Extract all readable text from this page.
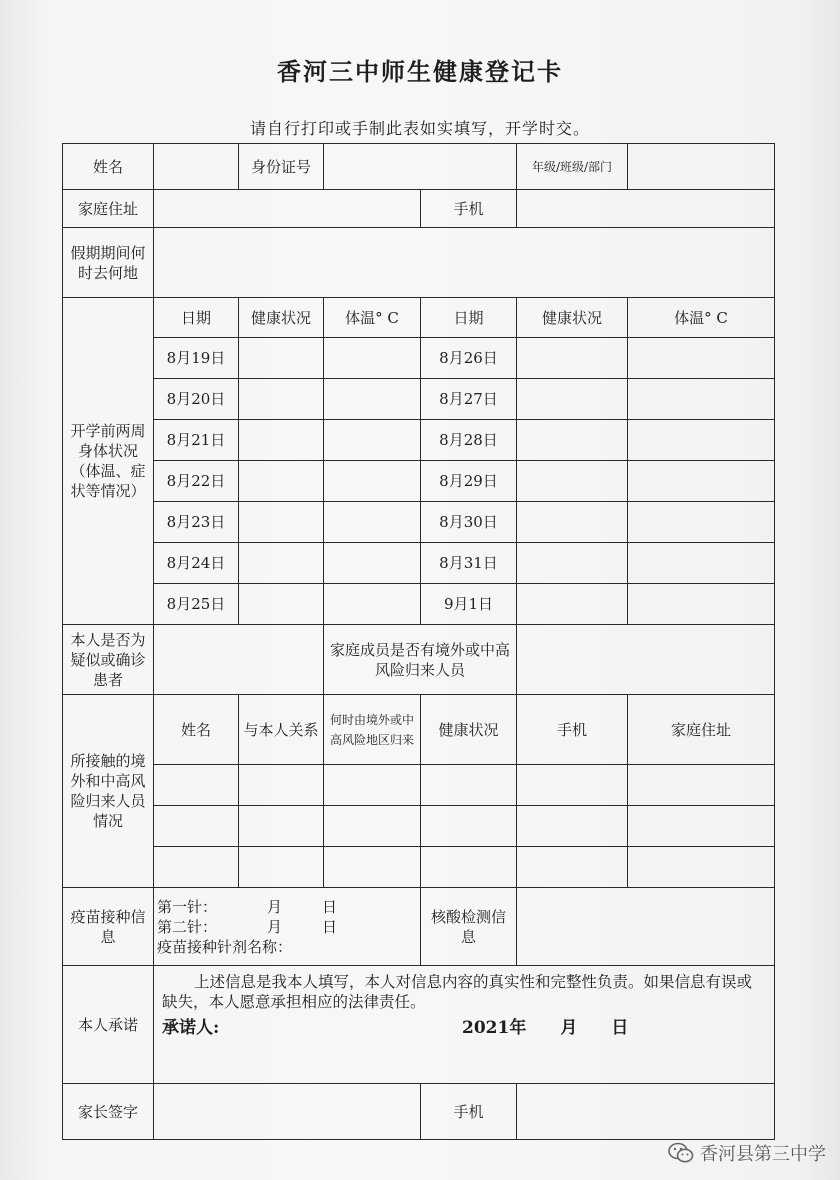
香河三中师生健康登记卡
请自行打印或手制此表如实填写，开学时交。
姓名		身份证号			年级/班级/部门	
家庭住址				手机		
假期期间何时去何地						
开学前两周身体状况（体温、症状等情况）	日期	健康状况	体温° C	日期	健康状况	体温° C
	8月19日			8月26日		
	8月20日			8月27日		
	8月21日			8月28日		
	8月22日			8月29日		
	8月23日			8月30日		
	8月24日			8月31日		
	8月25日			9月1日		
本人是否为疑似或确诊患者			家庭成员是否有境外或中高风险归来人员			
所接触的境外和中高风险归来人员情况	姓名	与本人关系	何时由境外或中高风险地区归来	健康状况	手机	家庭住址

疫苗接种信息	第一针： 月 日
第二针： 月 日
疫苗接种针剂名称：			核酸检测信息		
本人承诺	上述信息是我本人填写，本人对信息内容的真实性和完整性负责。如果信息有误或缺失，本人愿意承担相应的法律责任。
承诺人: 2021年　　月　　日					

家长签字				手机		
香河县第三中学
